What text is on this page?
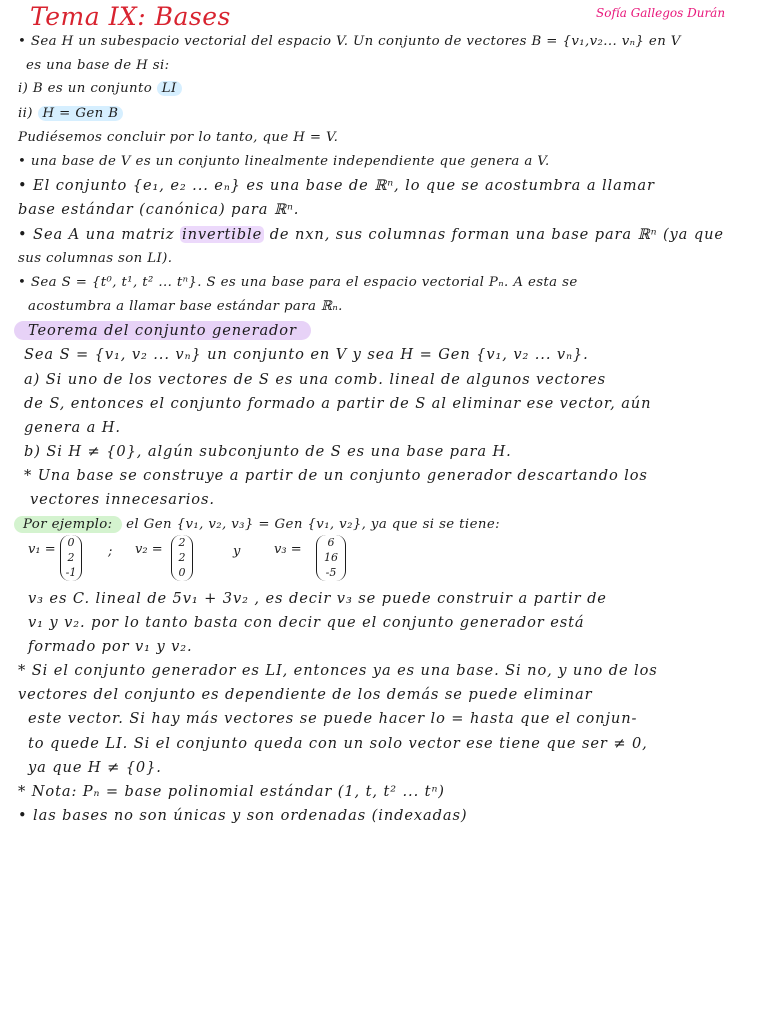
Tema IX: Bases	Sofía Gallegos Durán
• Sea H un subespacio vectorial del espacio V. Un conjunto de vectores B = {v₁,v₂... vₙ} en V
es una base de H si:
i) B es un conjunto LI
ii) H = Gen B
Pudiésemos concluir por lo tanto, que H = V.
• una base de V es un conjunto linealmente independiente que genera a V.
• El conjunto {e₁, e₂ ... eₙ} es una base de ℝⁿ, lo que se acostumbra a llamar
base estándar (canónica) para ℝⁿ.
• Sea A una matriz invertible de nxn, sus columnas forman una base para ℝⁿ (ya que
sus columnas son LI).
• Sea S = {t⁰, t¹, t² ... tⁿ}. S es una base para el espacio vectorial Pₙ. A esta se
acostumbra a llamar base estándar para ℝₙ.
Teorema del conjunto generador
Sea S = {v₁, v₂ ... vₙ} un conjunto en V y sea H = Gen {v₁, v₂ ... vₙ}.
a) Si uno de los vectores de S es una comb. lineal de algunos vectores
de S, entonces el conjunto formado a partir de S al eliminar ese vector, aún
genera a H.
b) Si H ≠ {0}, algún subconjunto de S es una base para H.
* Una base se construye a partir de un conjunto generador descartando los
vectores innecesarios.
Por ejemplo: el Gen {v₁, v₂, v₃} = Gen {v₁, v₂}, ya que si se tiene:
v₁ = 0
2
-1
; v₂ = 2
2
0
y	v₃ = 6
16
-5
v₃ es C. lineal de 5v₁ + 3v₂ , es decir v₃ se puede construir a partir de
v₁ y v₂. por lo tanto basta con decir que el conjunto generador está
formado por v₁ y v₂.
* Si el conjunto generador es LI, entonces ya es una base. Si no, y uno de los
vectores del conjunto es dependiente de los demás se puede eliminar
este vector. Si hay más vectores se puede hacer lo = hasta que el conjun-
to quede LI. Si el conjunto queda con un solo vector ese tiene que ser ≠ 0,
ya que H ≠ {0}.
* Nota: Pₙ = base polinomial estándar (1, t, t² ... tⁿ)
• las bases no son únicas y son ordenadas (indexadas)
